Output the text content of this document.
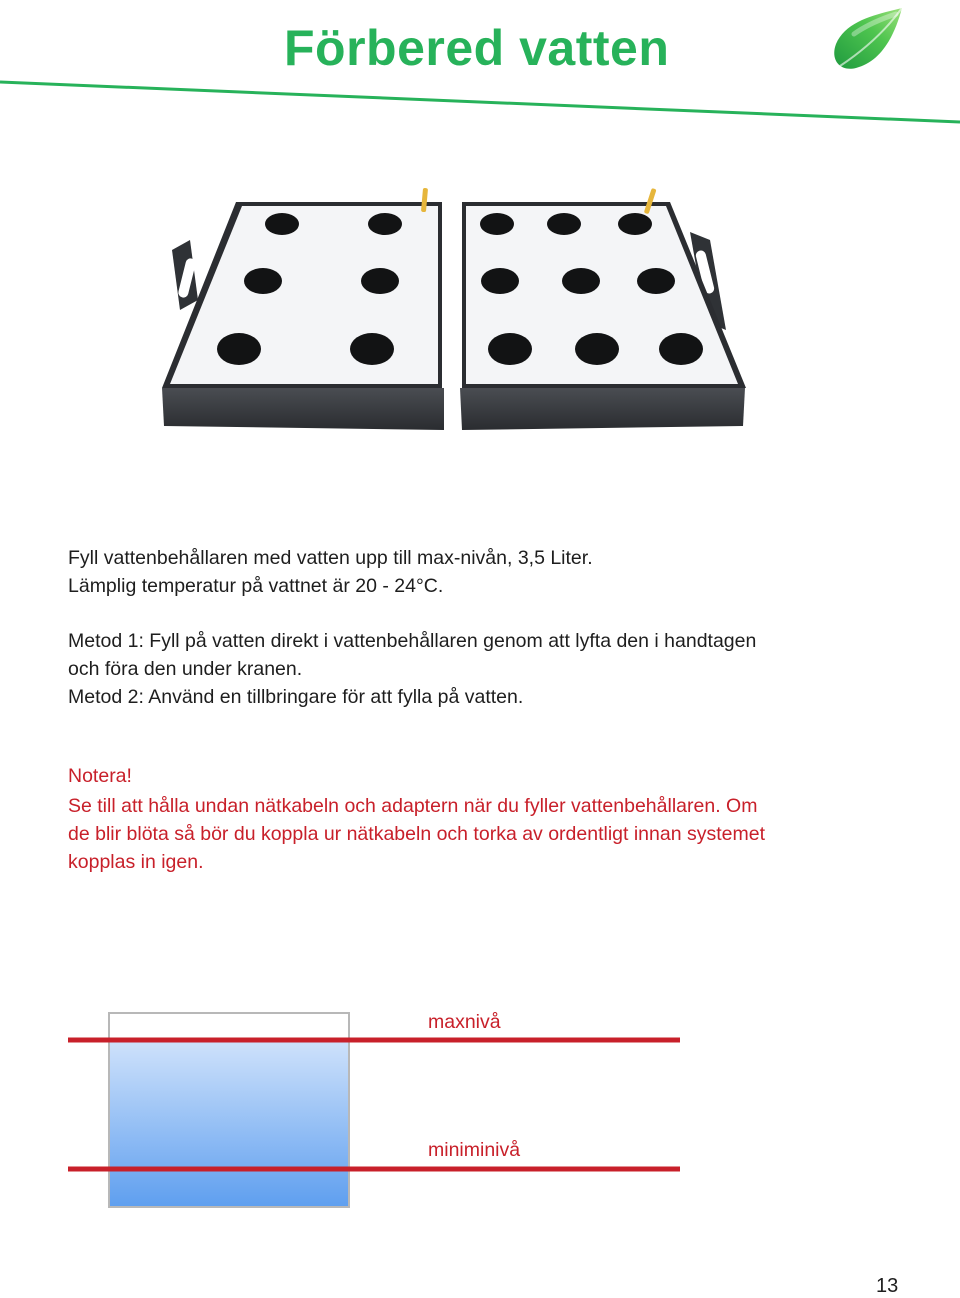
Förbered vatten

Fyll vattenbehållaren med vatten upp till max-nivån, 3,5 Liter.

Lämplig temperatur på vattnet är 20 - 24°C.

Metod 1: Fyll på vatten direkt i vattenbehållaren genom att lyfta den i handtagen

och föra den under kranen.

Metod 2: Använd en tillbringare för att fylla på vatten.

Notera!

Se till att hålla undan nätkabeln och adaptern när du fyller vattenbehållaren. Om

de blir blöta så bör du koppla ur nätkabeln och torka av ordentligt innan systemet

kopplas in igen.

maxnivå
miniminivå
13
